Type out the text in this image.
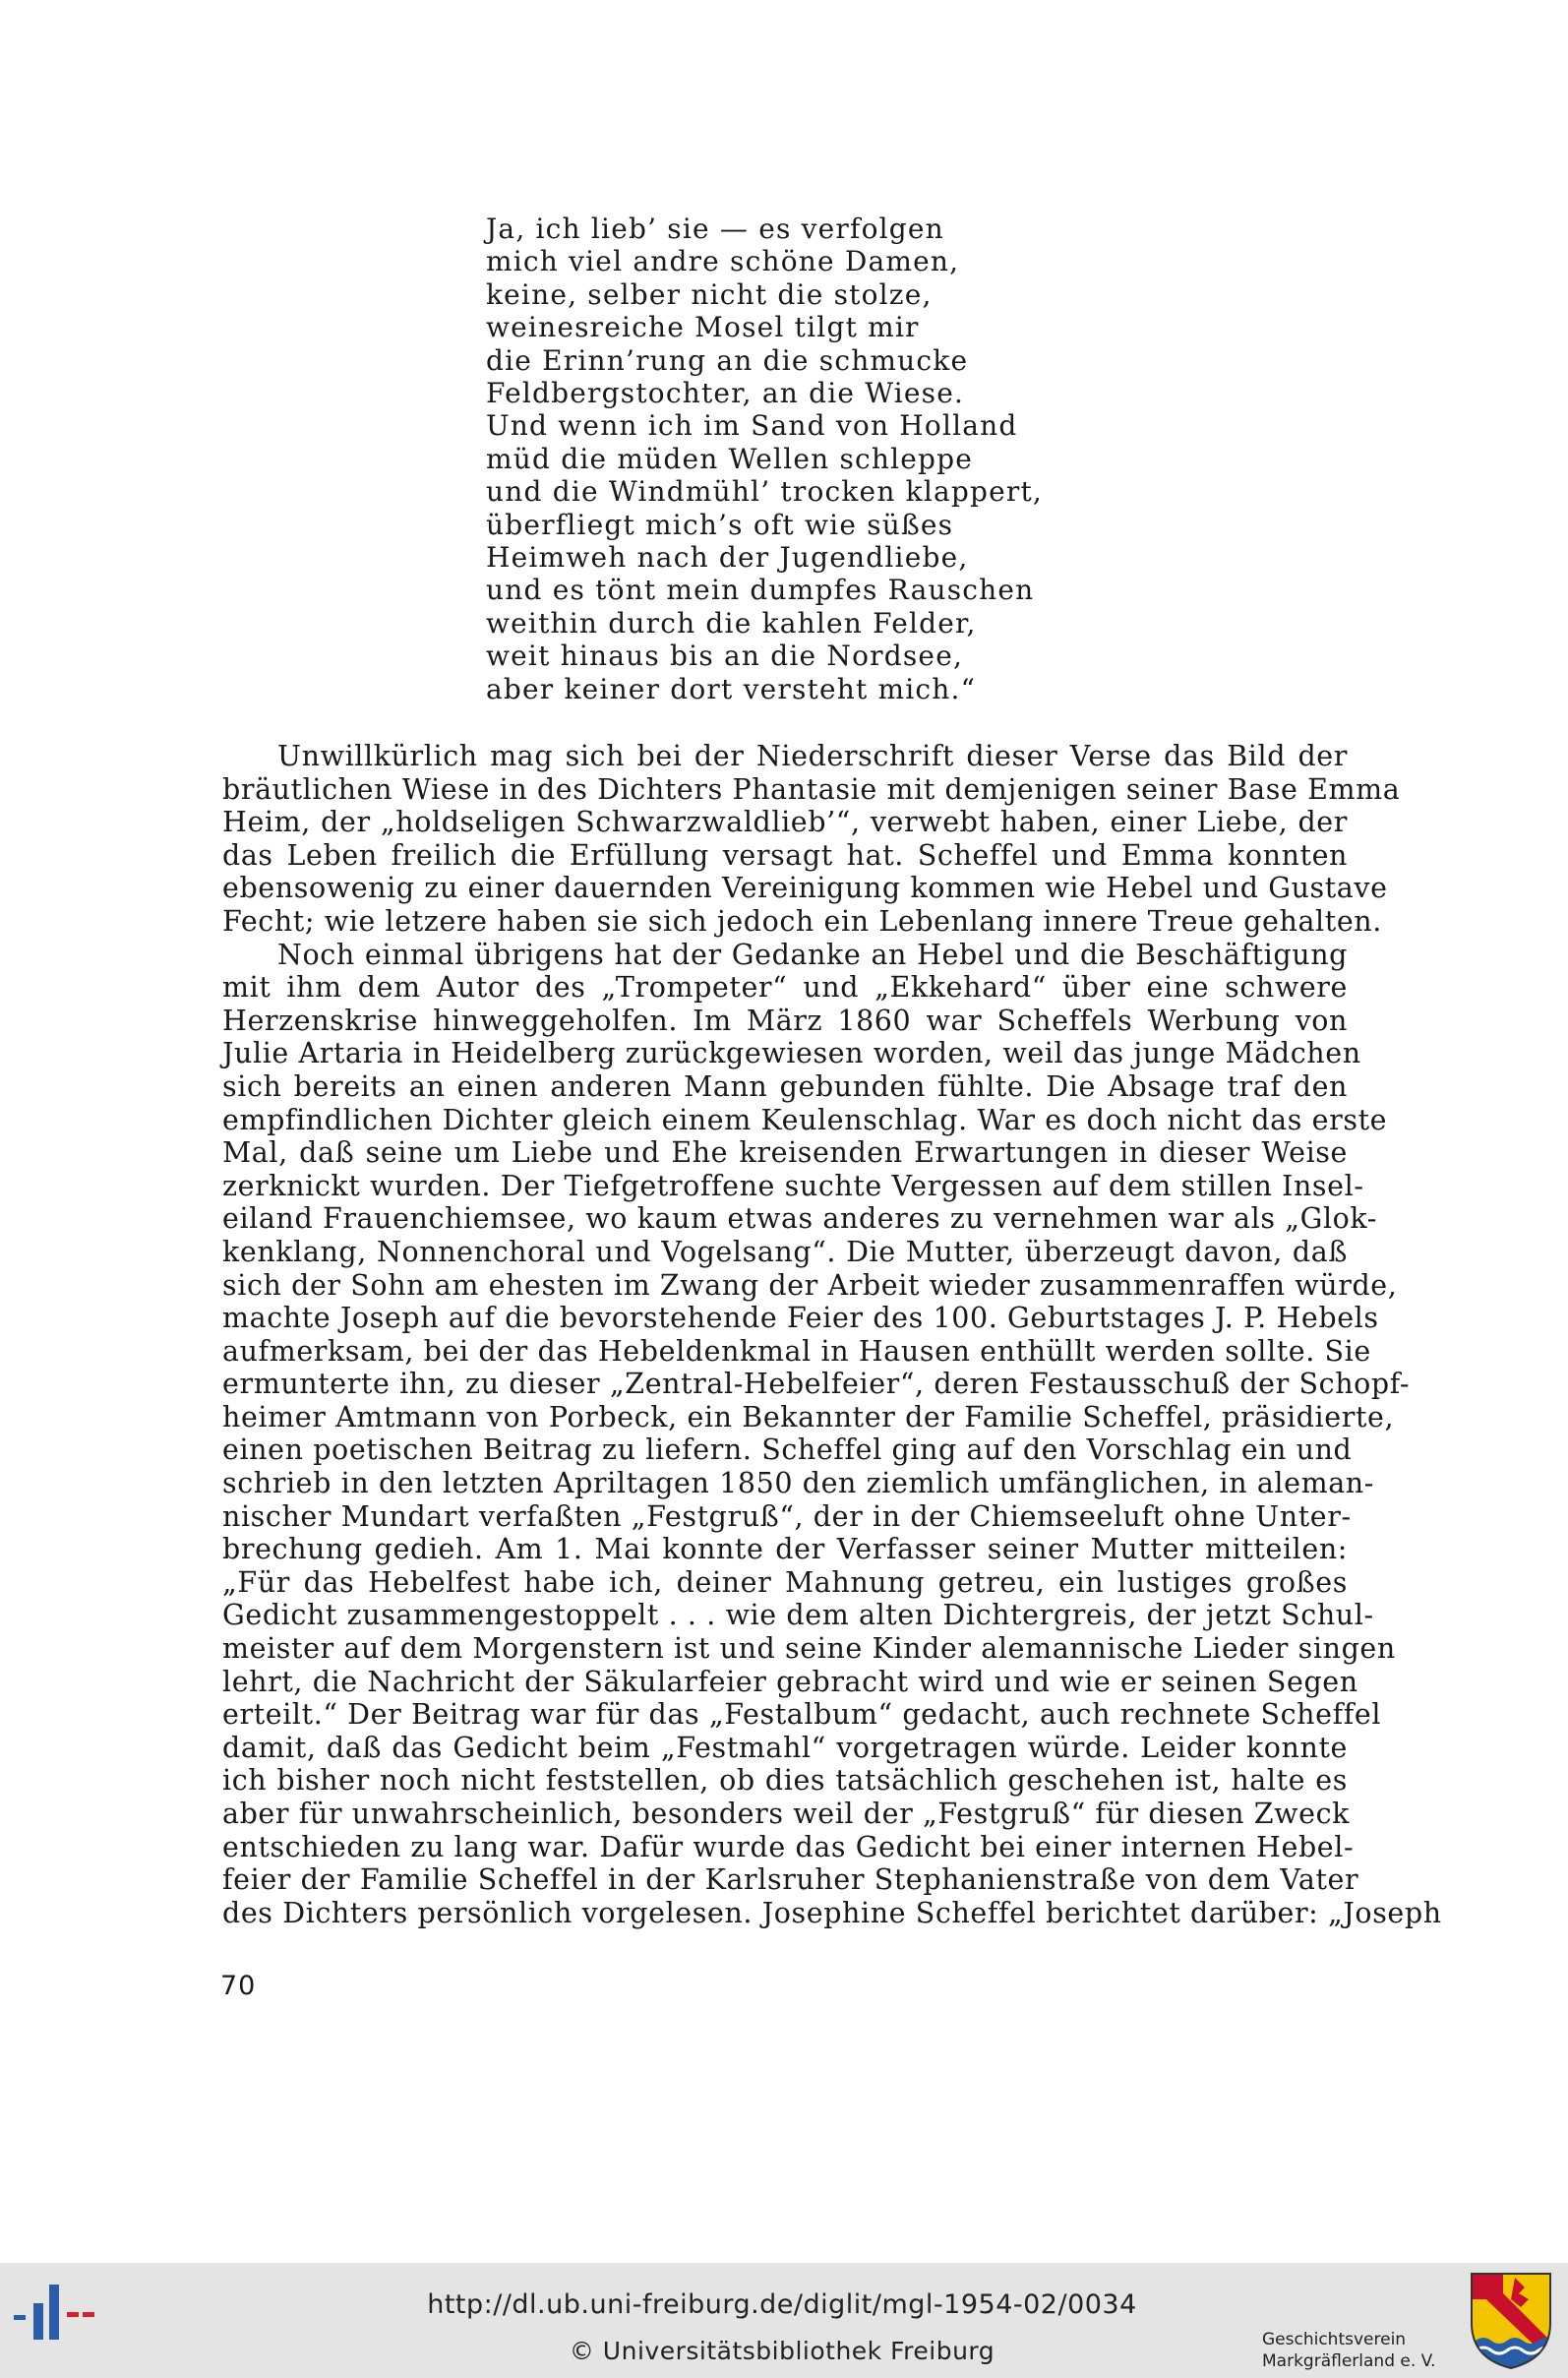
Ja, ich lieb’ sie — es verfolgen
mich viel andre schöne Damen,
keine, selber nicht die stolze,
weinesreiche Mosel tilgt mir
die Erinn’rung an die schmucke
Feldbergstochter, an die Wiese.
Und wenn ich im Sand von Holland
müd die müden Wellen schleppe
und die Windmühl’ trocken klappert,
überfliegt mich’s oft wie süßes
Heimweh nach der Jugendliebe,
und es tönt mein dumpfes Rauschen
weithin durch die kahlen Felder,
weit hinaus bis an die Nordsee,
aber keiner dort versteht mich.“
Unwillkürlich mag sich bei der Niederschrift dieser Verse das Bild der
bräutlichen Wiese in des Dichters Phantasie mit demjenigen seiner Base Emma
Heim, der „holdseligen Schwarzwaldlieb’“, verwebt haben, einer Liebe, der
das Leben freilich die Erfüllung versagt hat. Scheffel und Emma konnten
ebensowenig zu einer dauernden Vereinigung kommen wie Hebel und Gustave
Fecht; wie letzere haben sie sich jedoch ein Lebenlang innere Treue gehalten.
Noch einmal übrigens hat der Gedanke an Hebel und die Beschäftigung
mit ihm dem Autor des „Trompeter“ und „Ekkehard“ über eine schwere
Herzenskrise hinweggeholfen. Im März 1860 war Scheffels Werbung von
Julie Artaria in Heidelberg zurückgewiesen worden, weil das junge Mädchen
sich bereits an einen anderen Mann gebunden fühlte. Die Absage traf den
empfindlichen Dichter gleich einem Keulenschlag. War es doch nicht das erste
Mal, daß seine um Liebe und Ehe kreisenden Erwartungen in dieser Weise
zerknickt wurden. Der Tiefgetroffene suchte Vergessen auf dem stillen Insel-
eiland Frauenchiemsee, wo kaum etwas anderes zu vernehmen war als „Glok-
kenklang, Nonnenchoral und Vogelsang“. Die Mutter, überzeugt davon, daß
sich der Sohn am ehesten im Zwang der Arbeit wieder zusammenraffen würde,
machte Joseph auf die bevorstehende Feier des 100. Geburtstages J. P. Hebels
aufmerksam, bei der das Hebeldenkmal in Hausen enthüllt werden sollte. Sie
ermunterte ihn, zu dieser „Zentral-Hebelfeier“, deren Festausschuß der Schopf-
heimer Amtmann von Porbeck, ein Bekannter der Familie Scheffel, präsidierte,
einen poetischen Beitrag zu liefern. Scheffel ging auf den Vorschlag ein und
schrieb in den letzten Apriltagen 1850 den ziemlich umfänglichen, in aleman-
nischer Mundart verfaßten „Festgruß“, der in der Chiemseeluft ohne Unter-
brechung gedieh. Am 1. Mai konnte der Verfasser seiner Mutter mitteilen:
„Für das Hebelfest habe ich, deiner Mahnung getreu, ein lustiges großes
Gedicht zusammengestoppelt . . . wie dem alten Dichtergreis, der jetzt Schul-
meister auf dem Morgenstern ist und seine Kinder alemannische Lieder singen
lehrt, die Nachricht der Säkularfeier gebracht wird und wie er seinen Segen
erteilt.“ Der Beitrag war für das „Festalbum“ gedacht, auch rechnete Scheffel
damit, daß das Gedicht beim „Festmahl“ vorgetragen würde. Leider konnte
ich bisher noch nicht feststellen, ob dies tatsächlich geschehen ist, halte es
aber für unwahrscheinlich, besonders weil der „Festgruß“ für diesen Zweck
entschieden zu lang war. Dafür wurde das Gedicht bei einer internen Hebel-
feier der Familie Scheffel in der Karlsruher Stephanienstraße von dem Vater
des Dichters persönlich vorgelesen. Josephine Scheffel berichtet darüber: „Joseph
70
http://dl.ub.uni-freiburg.de/diglit/mgl-1954-02/0034
© Universitätsbibliothek Freiburg	Geschichtsverein
Markgräflerland e. V.
